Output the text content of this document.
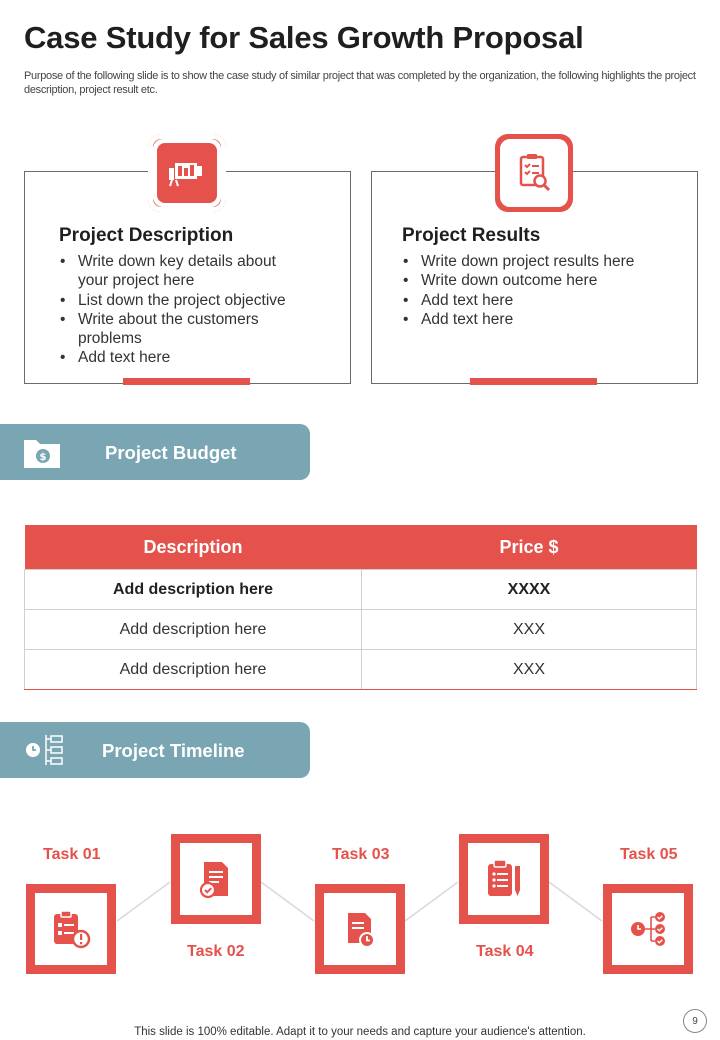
Case Study for Sales Growth Proposal
Purpose of the following slide is to show the case study of similar project that was completed by the organization, the following highlights the project description, project result etc.
Project Description
• Write down key details about your project here
• List down the project objective
• Write about the customers problems
• Add text here
Project Results
• Write down project results here
• Write down outcome here
• Add text here
• Add text here
$	Project Budget
Description	Price $
Add description here	XXXX
Add description here	XXX
Add description here	XXX
Project Timeline
Task 01
Task 02
Task 03
Task 04
Task 05
This slide is 100% editable. Adapt it to your needs and capture your audience's attention.
9
